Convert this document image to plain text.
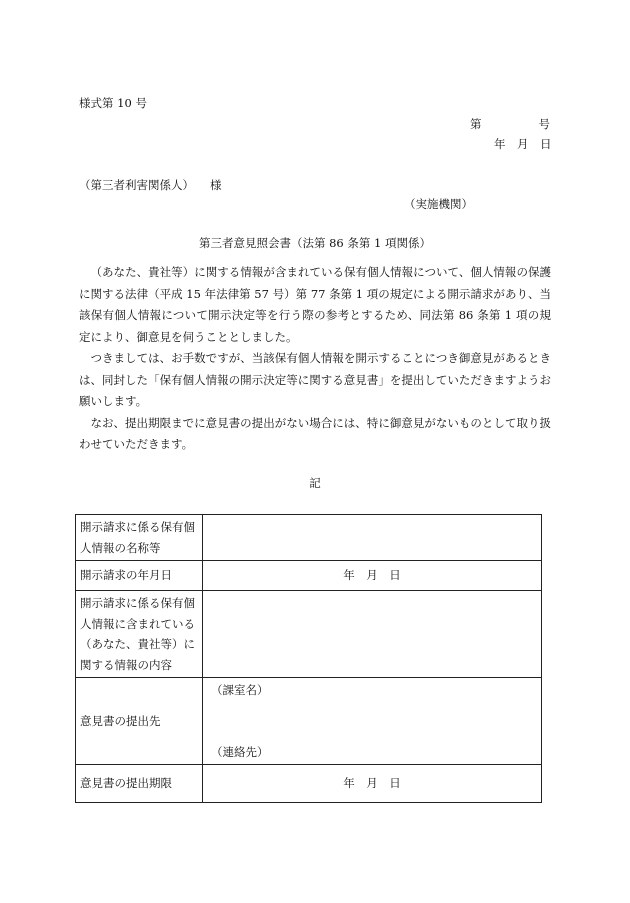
様式第 10 号
第	号
年　月　日
（第三者利害関係人） 様
（実施機関）
第三者意見照会書（法第 86 条第 1 項関係）

（あなた、貴社等）に関する情報が含まれている保有個人情報について、個人情報の保護に関する法律（平成 15 年法律第 57 号）第 77 条第 1 項の規定による開示請求があり、当該保有個人情報について開示決定等を行う際の参考とするため、同法第 86 条第 1 項の規定により、御意見を伺うこととしました。

つきましては、お手数ですが、当該保有個人情報を開示することにつき御意見があるときは、同封した「保有個人情報の開示決定等に関する意見書」を提出していただきますようお願いします。

なお、提出期限までに意見書の提出がない場合には、特に御意見がないものとして取り扱わせていただきます。

記
開示請求に係る保有個人情報の名称等	
開示請求の年月日	年　月　日
開示請求に係る保有個人情報に含まれている（あなた、貴社等）に関する情報の内容	
意見書の提出先	（課室名）
（連絡先）

意見書の提出期限	年　月　日
